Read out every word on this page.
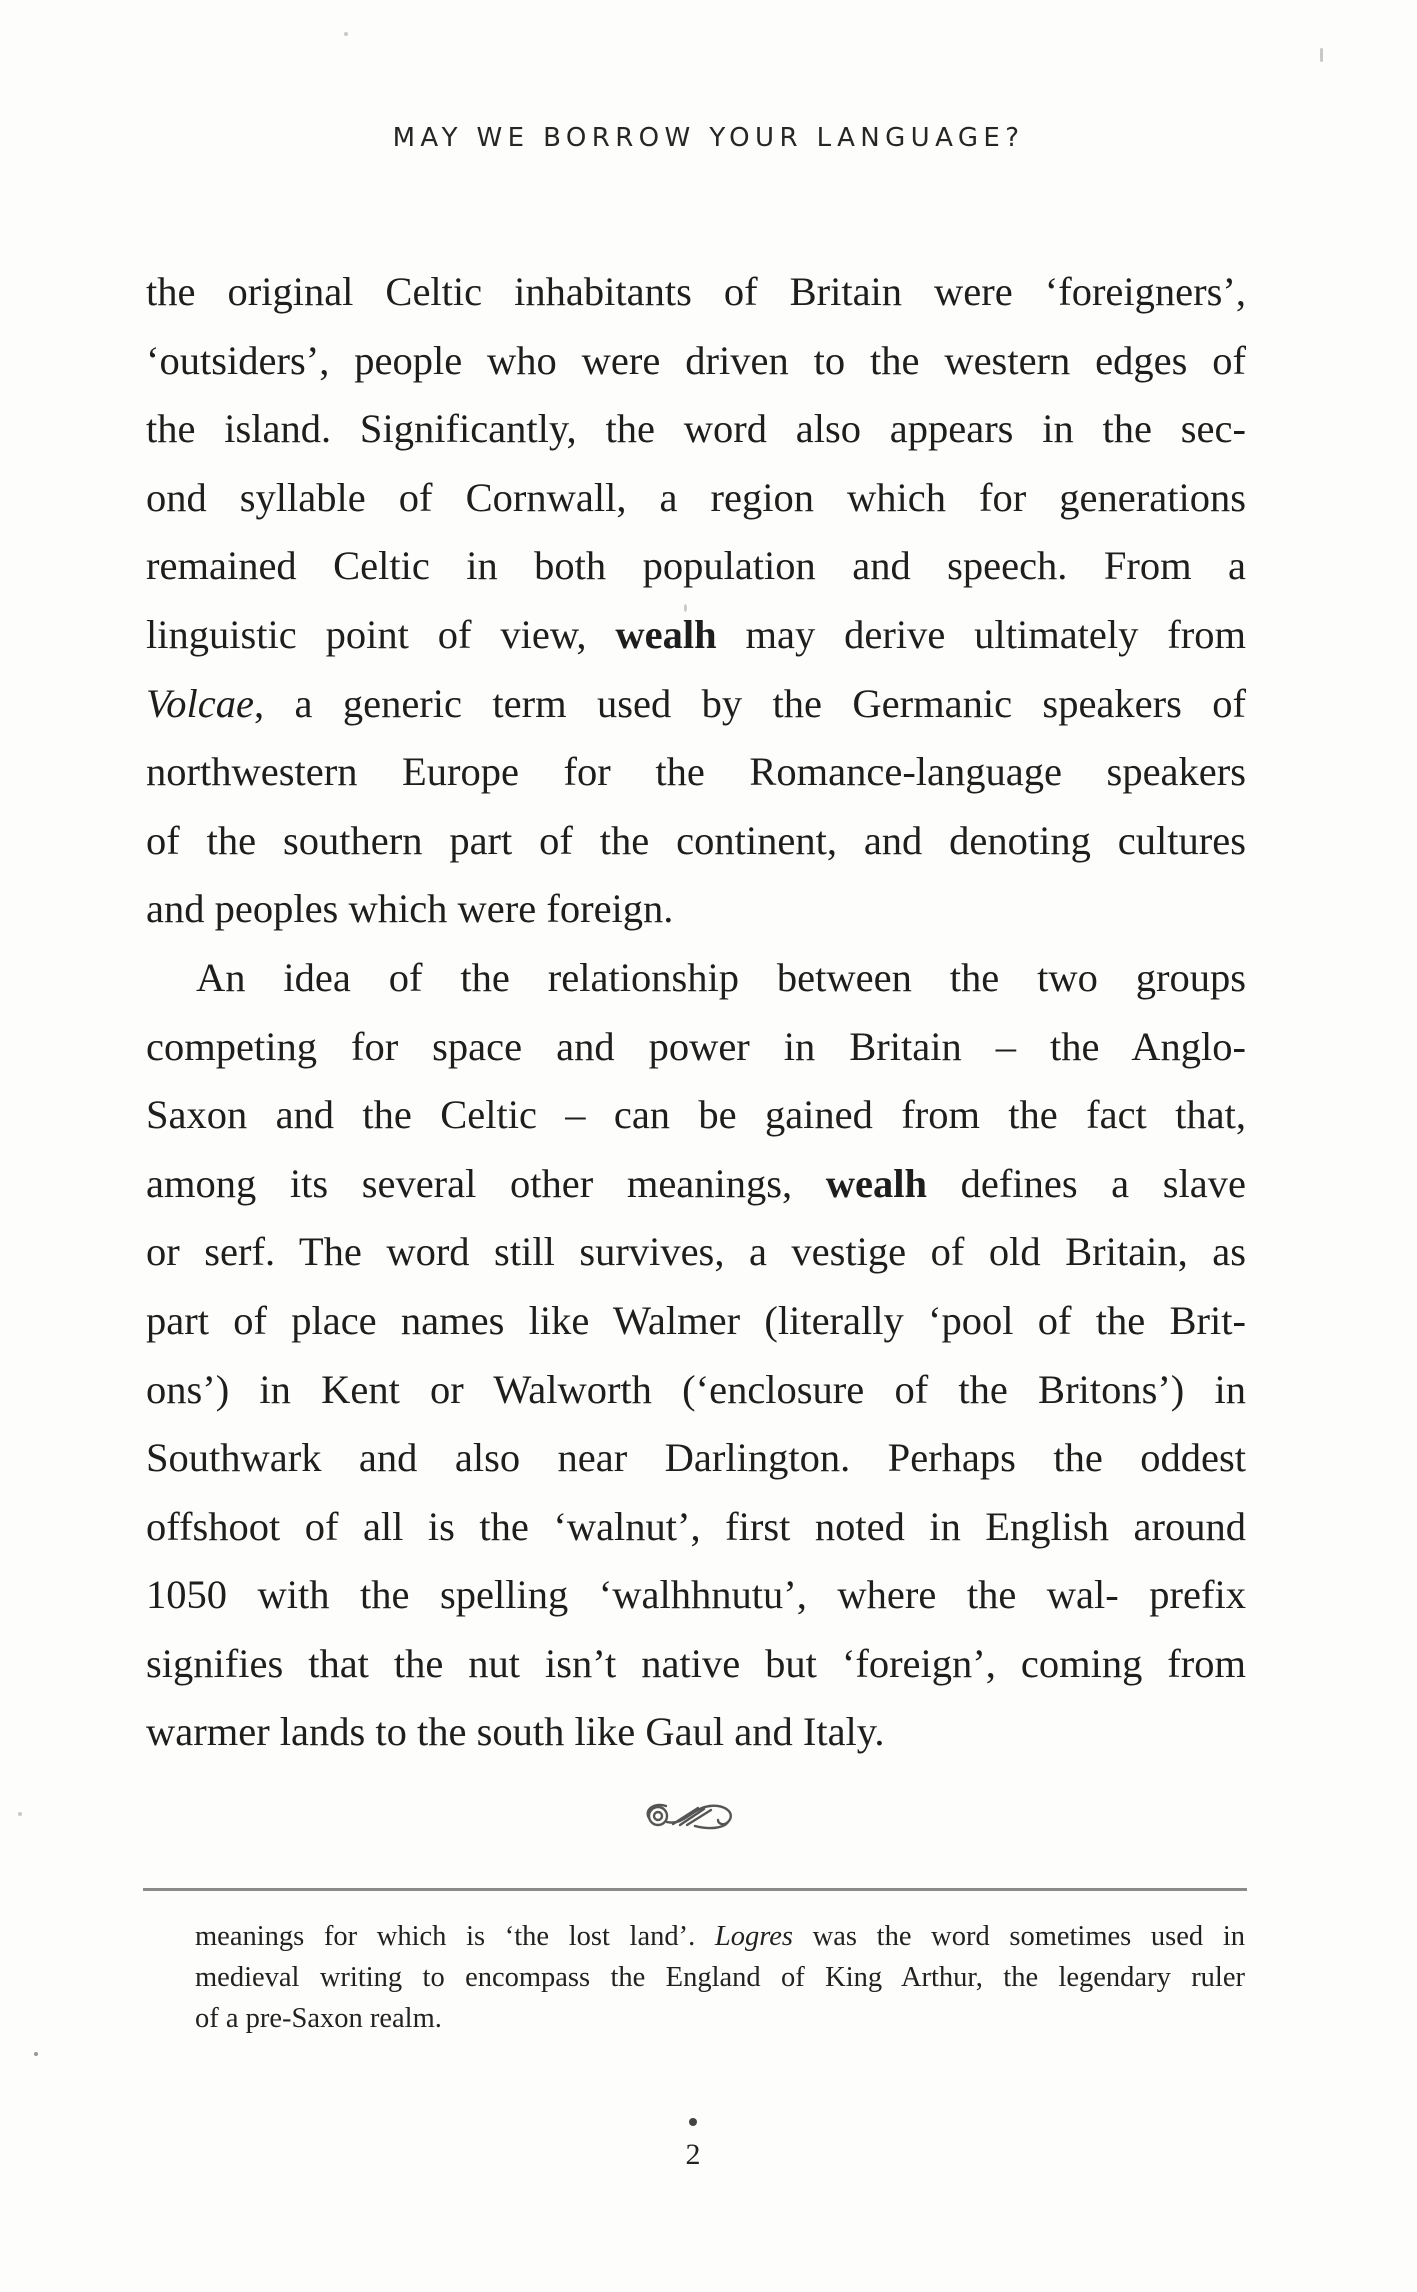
MAY WE BORROW YOUR LANGUAGE?
the original Celtic inhabitants of Britain were ‘foreigners’,
‘outsiders’, people who were driven to the western edges of
the island. Significantly, the word also appears in the sec-
ond syllable of Cornwall, a region which for generations
remained Celtic in both population and speech. From a
linguistic point of view, wealh may derive ultimately from
Volcae, a generic term used by the Germanic speakers of
northwestern Europe for the Romance-language speakers
of the southern part of the continent, and denoting cultures
and peoples which were foreign.
An idea of the relationship between the two groups
competing for space and power in Britain – the Anglo-
Saxon and the Celtic – can be gained from the fact that,
among its several other meanings, wealh defines a slave
or serf. The word still survives, a vestige of old Britain, as
part of place names like Walmer (literally ‘pool of the Brit-
ons’) in Kent or Walworth (‘enclosure of the Britons’) in
Southwark and also near Darlington. Perhaps the oddest
offshoot of all is the ‘walnut’, first noted in English around
1050 with the spelling ‘walhhnutu’, where the wal- prefix
signifies that the nut isn’t native but ‘foreign’, coming from
warmer lands to the south like Gaul and Italy.
meanings for which is ‘the lost land’. Logres was the word sometimes used in
medieval writing to encompass the England of King Arthur, the legendary ruler
of a pre-Saxon realm.
2
